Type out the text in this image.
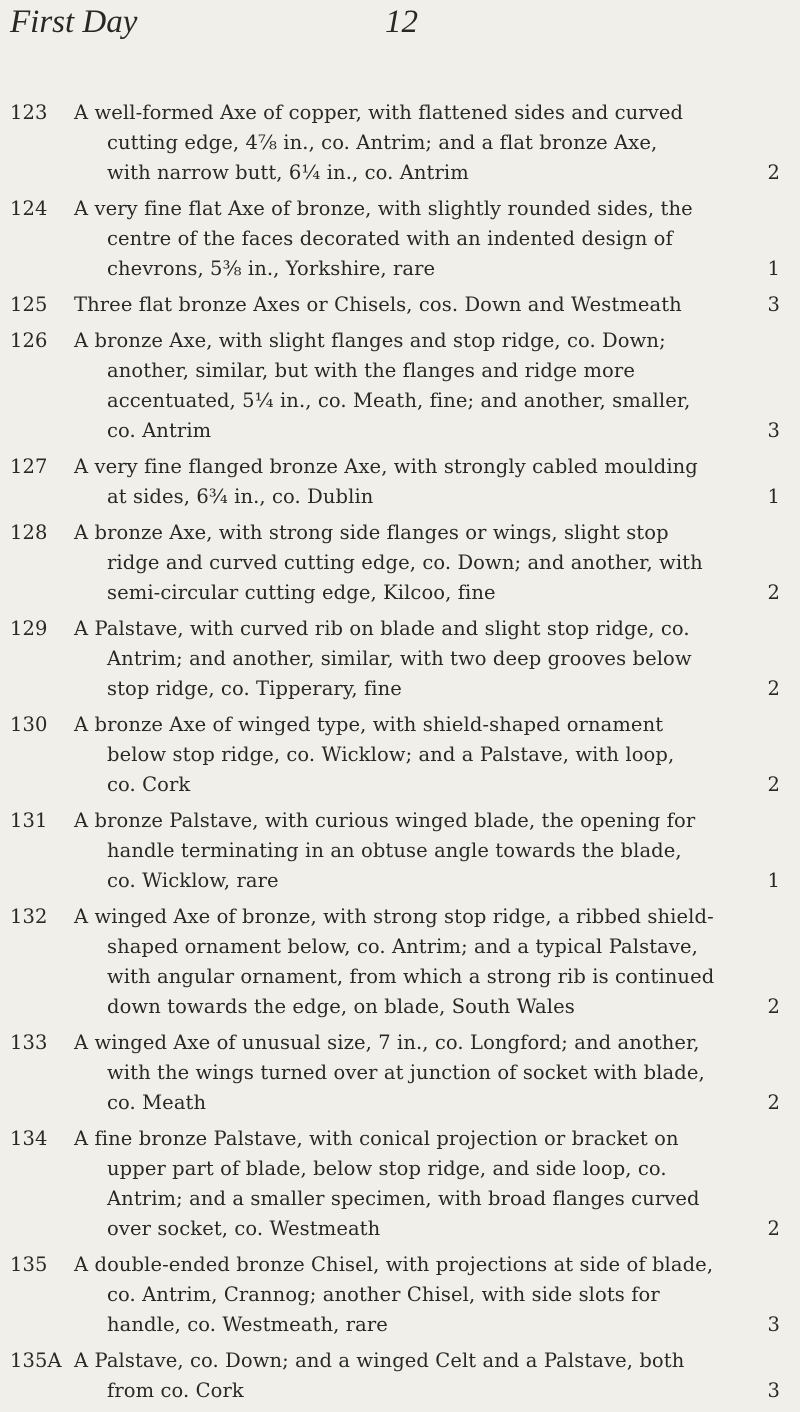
First Day	12
123	A well-formed Axe of copper, with flattened sides and curved
cutting edge, 4⅞ in., co. Antrim; and a flat bronze Axe,
with narrow butt, 6¼ in., co. Antrim	2
124	A very fine flat Axe of bronze, with slightly rounded sides, the
centre of the faces decorated with an indented design of
chevrons, 5⅜ in., Yorkshire, rare	1
125	Three flat bronze Axes or Chisels, cos. Down and Westmeath	3
126	A bronze Axe, with slight flanges and stop ridge, co. Down;
another, similar, but with the flanges and ridge more
accentuated, 5¼ in., co. Meath, fine; and another, smaller,
co. Antrim	3
127	A very fine flanged bronze Axe, with strongly cabled moulding
at sides, 6¾ in., co. Dublin	1
128	A bronze Axe, with strong side flanges or wings, slight stop
ridge and curved cutting edge, co. Down; and another, with
semi-circular cutting edge, Kilcoo, fine	2
129	A Palstave, with curved rib on blade and slight stop ridge, co.
Antrim; and another, similar, with two deep grooves below
stop ridge, co. Tipperary, fine	2
130	A bronze Axe of winged type, with shield-shaped ornament
below stop ridge, co. Wicklow; and a Palstave, with loop,
co. Cork	2
131	A bronze Palstave, with curious winged blade, the opening for
handle terminating in an obtuse angle towards the blade,
co. Wicklow, rare	1
132	A winged Axe of bronze, with strong stop ridge, a ribbed shield-
shaped ornament below, co. Antrim; and a typical Palstave,
with angular ornament, from which a strong rib is continued
down towards the edge, on blade, South Wales	2
133	A winged Axe of unusual size, 7 in., co. Longford; and another,
with the wings turned over at junction of socket with blade,
co. Meath	2
134	A fine bronze Palstave, with conical projection or bracket on
upper part of blade, below stop ridge, and side loop, co.
Antrim; and a smaller specimen, with broad flanges curved
over socket, co. Westmeath	2
135	A double-ended bronze Chisel, with projections at side of blade,
co. Antrim, Crannog; another Chisel, with side slots for
handle, co. Westmeath, rare	3
135A A Palstave, co. Down; and a winged Celt and a Palstave, both
from co. Cork	3
